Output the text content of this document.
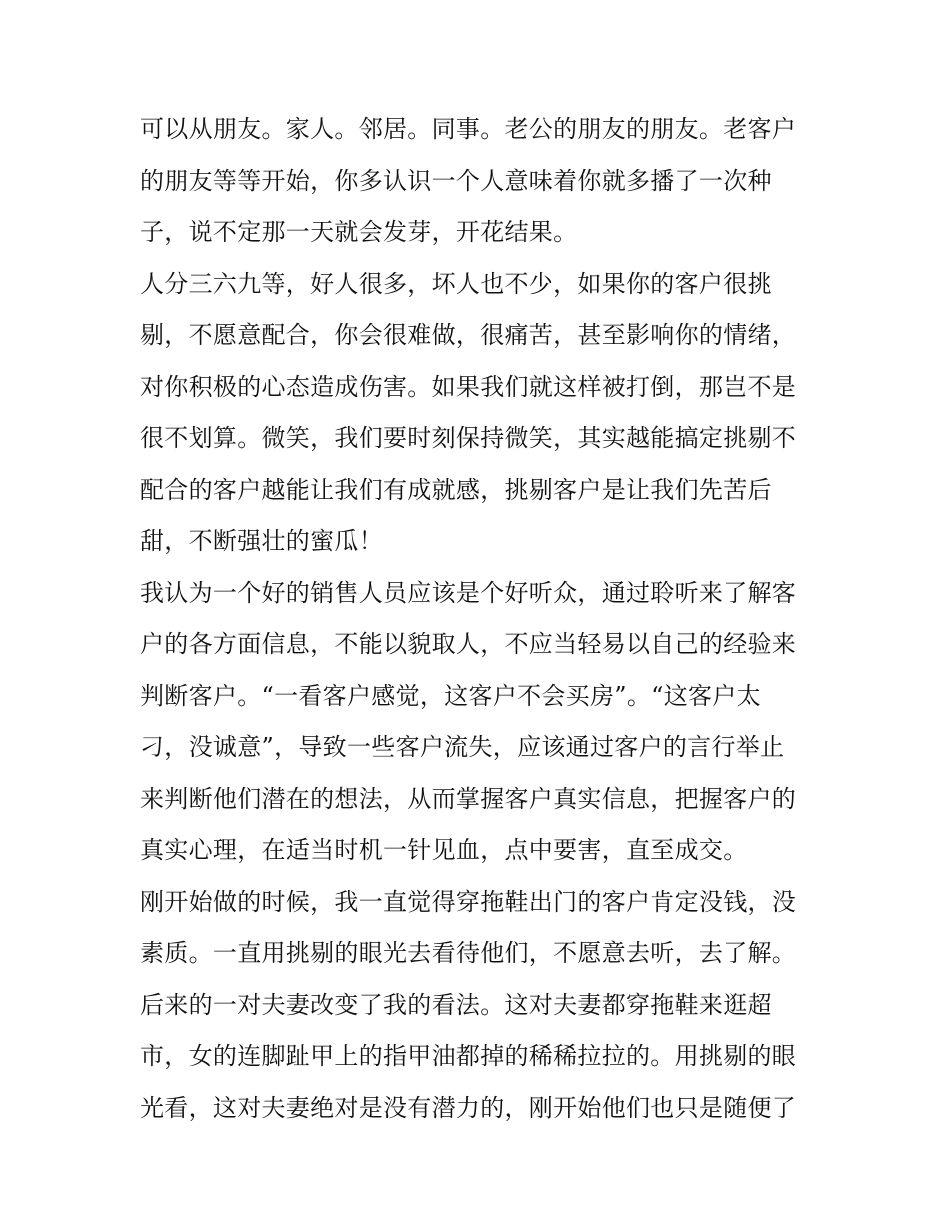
可以从朋友。家人。邻居。同事。老公的朋友的朋友。老客户
的朋友等等开始，你多认识一个人意味着你就多播了一次种
子，说不定那一天就会发芽，开花结果。
人分三六九等，好人很多，坏人也不少，如果你的客户很挑
剔，不愿意配合，你会很难做，很痛苦，甚至影响你的情绪，
对你积极的心态造成伤害。如果我们就这样被打倒，那岂不是
很不划算。微笑，我们要时刻保持微笑，其实越能搞定挑剔不
配合的客户越能让我们有成就感，挑剔客户是让我们先苦后
甜，不断强壮的蜜瓜！
我认为一个好的销售人员应该是个好听众，通过聆听来了解客
户的各方面信息，不能以貌取人，不应当轻易以自己的经验来
判断客户。“一看客户感觉，这客户不会买房”。“这客户太
刁，没诚意”，导致一些客户流失，应该通过客户的言行举止
来判断他们潜在的想法，从而掌握客户真实信息，把握客户的
真实心理，在适当时机一针见血，点中要害，直至成交。
刚开始做的时候，我一直觉得穿拖鞋出门的客户肯定没钱，没
素质。一直用挑剔的眼光去看待他们，不愿意去听，去了解。
后来的一对夫妻改变了我的看法。这对夫妻都穿拖鞋来逛超
市，女的连脚趾甲上的指甲油都掉的稀稀拉拉的。用挑剔的眼
光看，这对夫妻绝对是没有潜力的，刚开始他们也只是随便了
